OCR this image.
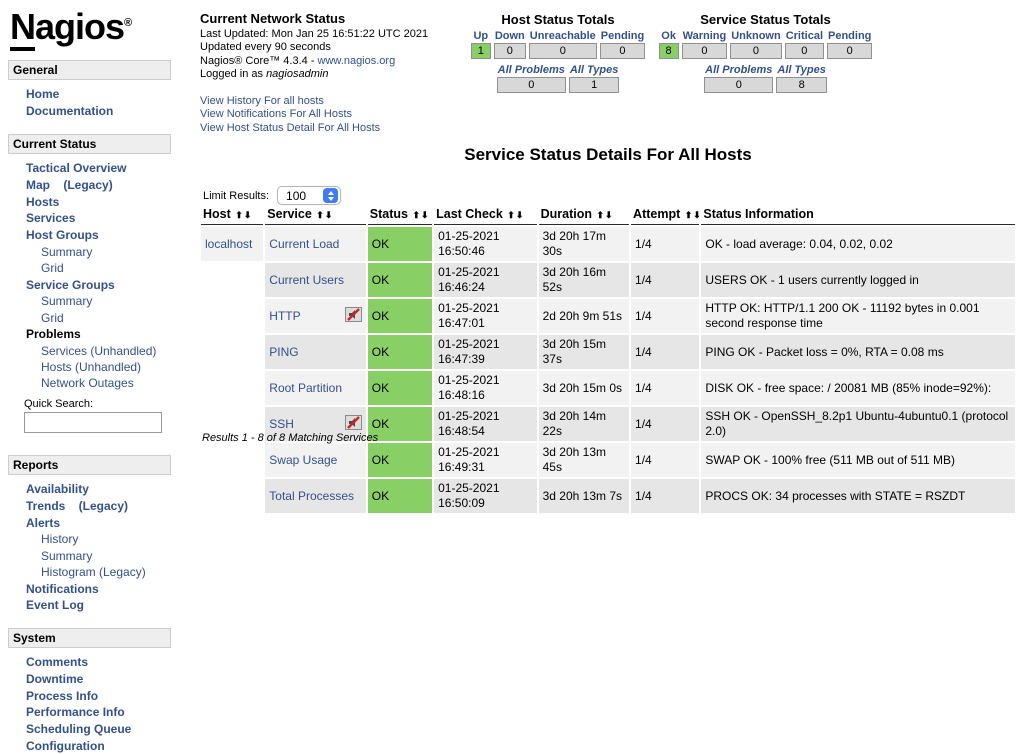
Nagios®
General
Home
Documentation
Current Status
Tactical Overview
Map    (Legacy)
Hosts
Services
Host Groups
Summary
Grid
Service Groups
Summary
Grid
Problems
Services (Unhandled)
Hosts (Unhandled)
Network Outages
Quick Search:
Reports
Availability
Trends    (Legacy)
Alerts
History
Summary
Histogram (Legacy)
Notifications
Event Log
System
Comments
Downtime
Process Info
Performance Info
Scheduling Queue
Configuration
Current Network Status
Last Updated: Mon Jan 25 16:51:22 UTC 2021
Updated every 90 seconds
Nagios® Core™ 4.3.4 - www.nagios.org
Logged in as nagiosadmin
View History For all hosts
View Notifications For All Hosts
View Host Status Detail For All Hosts
Host Status Totals
Up	Down	Unreachable	Pending

1	0	0	0
All Problems	All Types

0	1
Service Status Totals
Ok	Warning	Unknown	Critical	Pending

8	0	0	0	0
All Problems	All Types

0	8
Service Status Details For All Hosts
Limit Results: 100
Host ⬆⬇	Service ⬆⬇	Status ⬆⬇	Last Check ⬆⬇	Duration ⬆⬇	Attempt ⬆⬇	Status Information
localhost	Current Load	OK	01-25-2021 16:50:46	3d 20h 17m 30s	1/4	OK - load average: 0.04, 0.02, 0.02
	Current Users	OK	01-25-2021 16:46:24	3d 20h 16m 52s	1/4	USERS OK - 1 users currently logged in

	HTTP	OK	01-25-2021 16:47:01	2d 20h 9m 51s	1/4	HTTP OK: HTTP/1.1 200 OK - 11192 bytes in 0.001 second response time
	PING	OK	01-25-2021 16:47:39	3d 20h 15m 37s	1/4	PING OK - Packet loss = 0%, RTA = 0.08 ms
	Root Partition	OK	01-25-2021 16:48:16	3d 20h 15m 0s	1/4	DISK OK - free space: / 20081 MB (85% inode=92%):

	SSH	OK	01-25-2021 16:48:54	3d 20h 14m 22s	1/4	SSH OK - OpenSSH_8.2p1 Ubuntu-4ubuntu0.1 (protocol 2.0)
	Swap Usage	OK	01-25-2021 16:49:31	3d 20h 13m 45s	1/4	SWAP OK - 100% free (511 MB out of 511 MB)
	Total Processes	OK	01-25-2021 16:50:09	3d 20h 13m 7s	1/4	PROCS OK: 34 processes with STATE = RSZDT
Results 1 - 8 of 8 Matching Services
